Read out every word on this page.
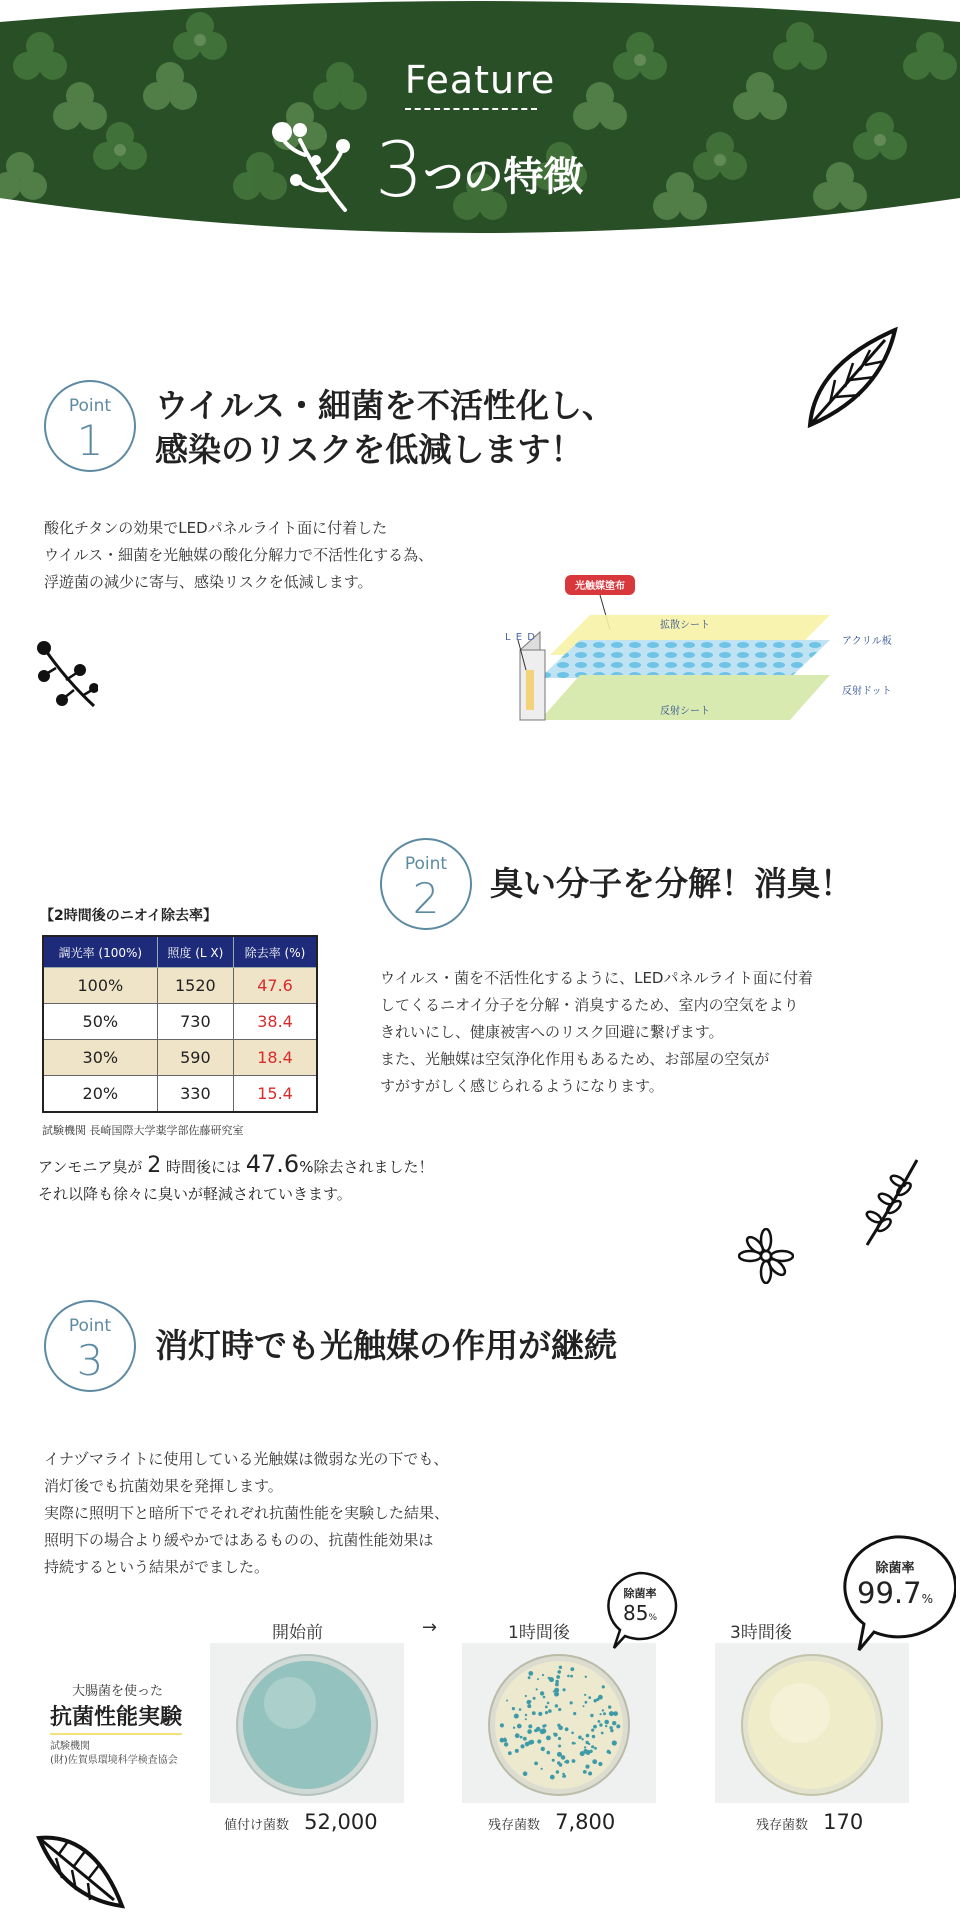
Feature
3つの特徴
Point
1
ウイルス・細菌を不活性化し、
感染のリスクを低減します！
酸化チタンの効果でLEDパネルライト面に付着した
ウイルス・細菌を光触媒の酸化分解力で不活性化する為、
浮遊菌の減少に寄与、感染リスクを低減します。	光触媒塗布
L E D
拡散シート
アクリル板
反射ドット
反射シート
Point
2	臭い分子を分解！消臭！
【2時間後のニオイ除去率】
調光率 (100%)	照度 (L X)	除去率 (%)
100%	1520	47.6
50%	730	38.4
30%	590	18.4
20%	330	15.4
試験機関 長崎国際大学薬学部佐藤研究室
ウイルス・菌を不活性化するように、LEDパネルライト面に付着
してくるニオイ分子を分解・消臭するため、室内の空気をより
きれいにし、健康被害へのリスク回避に繋げます。
また、光触媒は空気浄化作用もあるため、お部屋の空気が
すがすがしく感じられるようになります。
アンモニア臭が 2 時間後には 47.6%除去されました！
それ以降も徐々に臭いが軽減されていきます。
Point
3	消灯時でも光触媒の作用が継続
イナヅマライトに使用している光触媒は微弱な光の下でも、
消灯後でも抗菌効果を発揮します。
実際に照明下と暗所下でそれぞれ抗菌性能を実験した結果、
照明下の場合より緩やかではあるものの、抗菌性能効果は
持続するという結果がでました。
開始前	→	1時間後	3時間後
大腸菌を使った
抗菌性能実験
試験機関
(財)佐賀県環境科学検査協会
除菌率
85%
除菌率
99.7%
値付け菌数 52,000	残存菌数 7,800	残存菌数 170
